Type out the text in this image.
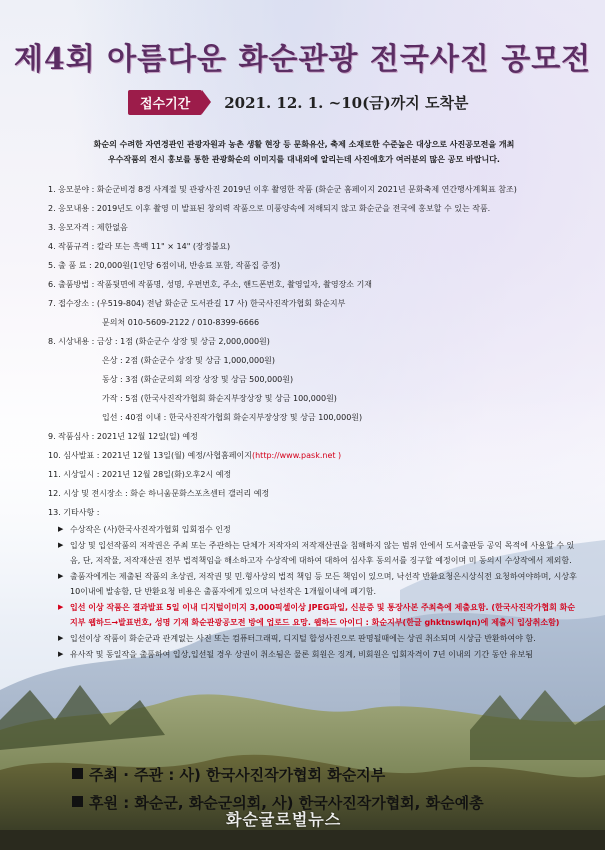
제4회 아름다운 화순관광 전국사진 공모전
접수기간	2021. 12. 1. ~10(금)까지 도착분
화순의 수려한 자연경관인 관광자원과 농촌 생활 현장 등 문화유산, 축제 소재로한 수준높은 대상으로 사진공모전을 개최
우수작품의 전시 홍보를 통한 관광화순의 이미지를 대내외에 알리는데 사진애호가 여러분의 많은 공모 바랍니다.
1. 응모분야 : 화순군비경 8경 사계절 및 관광사진 2019년 이후 촬영한 작품 (화순군 홈페이지 2021년 문화축제 연간행사계획표 참조)
2. 응모내용 : 2019년도 이후 촬영 미 발표된 창의력 작품으로 미풍양속에 저해되지 않고 화순군을 전국에 홍보할 수 있는 작품.
3. 응모자격 : 제한없음
4. 작품규격 : 칼라 또는 흑백 11" × 14" (장정불요)
5. 출 품 료 : 20,000원(1인당 6점이내, 반송료 포함, 작품집 증정)
6. 출품방법 : 작품뒷면에 작품명, 성명, 우편번호, 주소, 핸드폰번호, 촬영일자, 촬영장소 기재
7. 접수장소 : (우519-804) 전남 화순군 도서관길 17 사) 한국사진작가협회 화순지부
문의처 010-5609-2122 / 010-8399-6666
8. 시상내용 : 금상 : 1점 (화순군수 상장 및 상금 2,000,000원)
은상 : 2점 (화순군수 상장 및 상금 1,000,000원)
동상 : 3점 (화순군의회 의장 상장 및 상금 500,000원)
가작 : 5점 (한국사진작가협회 화순지부장상장 및 상금 100,000원)
입선 : 40점 이내 : 한국사진작가협회 화순지부장상장 및 상금 100,000원)
9. 작품심사 : 2021년 12월 12일(일) 예정
10. 심사발표 : 2021년 12월 13일(월) 예정/사협홈페이지(http://www.pask.net )
11. 시상일시 : 2021년 12월 28일(화)오후2시 예정
12. 시상 및 전시장소 : 화순 하니움문화스포츠센터 갤러리 예정
13. 기타사항 :
▶ 수상작은 (사)한국사진작가협회 입회점수 인정
▶ 입상 및 입선작품의 저작권은 주최 또는 주관하는 단체가 저작자의 저작재산권을 침해하지 않는 범위 안에서 도서출판등 공익 목적에 사용할 수 있음, 단, 저작물, 저작재산권 전부 법적책임을 해소하고자 수상작에 대하여 대하여 심사후 동의서를 징구할 예정이며 미 동의시 수상작에서 제외함.
▶ 출품자에게는 제출된 작품의 초상권, 저작권 및 민.형사상의 법적 책임 등 모든 책임이 있으며, 낙선작 반환요청은시상식전 요청하여야하며, 시상후 10이내에 발송함, 단 반환요청 비용은 출품자에게 있으며 낙선작은 1개월이내에 폐기함.
▶ 입선 이상 작품은 결과발표 5일 이내 디지털이미지 3,000픽셀이상 JPEG파일, 신분증 및 통장사본 주최측에 제출요함. (한국사진작가협회 화순지부 웹하드→발표번호, 성명 기재 화순관광공모전 방에 업로드 요망. 웹하드 아이디 : 화순지부(한글 ghktnswlqn)에 제출시 입상취소함)
▶ 입선이상 작품이 화순군과 관계없는 사진 또는 컴퓨터그래픽, 디지털 합성사진으로 판명될때에는 상권 취소되며 시상금 반환하여야 함.
▶ 유사작 및 동일작을 출품하여 입상,입선될 경우 상권이 취소됨은 물론 회원은 징계, 비회원은 입회자격이 7년 이내의 기간 동안 유보됨
주최 · 주관 : 사) 한국사진작가협회 화순지부
후원 : 화순군, 화순군의회, 사) 한국사진작가협회, 화순예총
화순굴로벌뉴스
